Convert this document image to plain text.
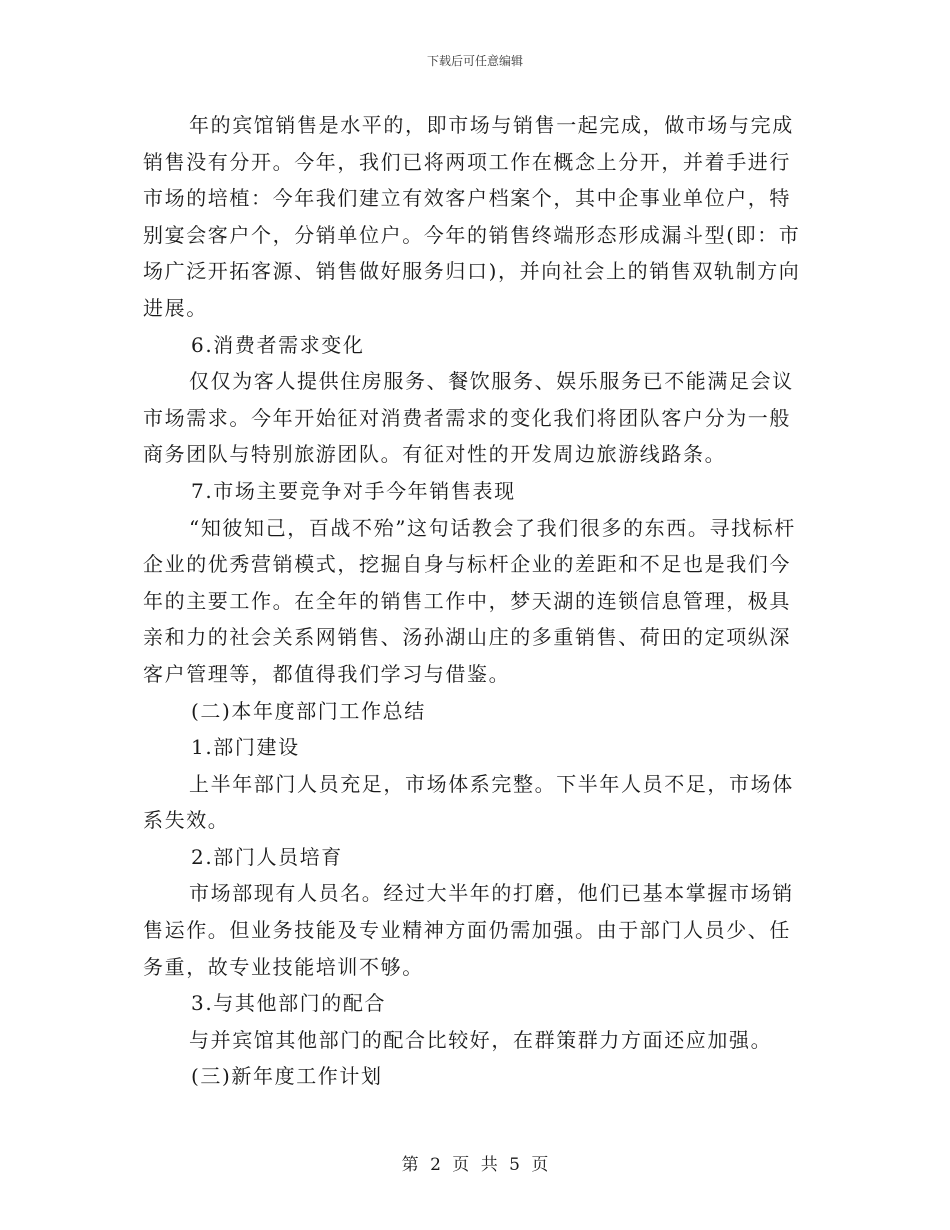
下载后可任意编辑

年的宾馆销售是水平的，即市场与销售一起完成，做市场与完成销售没有分开。今年，我们已将两项工作在概念上分开，并着手进行市场的培植：今年我们建立有效客户档案个，其中企事业单位户，特别宴会客户个，分销单位户。今年的销售终端形态形成漏斗型(即：市场广泛开拓客源、销售做好服务归口)，并向社会上的销售双轨制方向进展。

6.消费者需求变化

仅仅为客人提供住房服务、餐饮服务、娱乐服务已不能满足会议市场需求。今年开始征对消费者需求的变化我们将团队客户分为一般商务团队与特别旅游团队。有征对性的开发周边旅游线路条。

7.市场主要竞争对手今年销售表现

“知彼知己，百战不殆”这句话教会了我们很多的东西。寻找标杆企业的优秀营销模式，挖掘自身与标杆企业的差距和不足也是我们今年的主要工作。在全年的销售工作中，梦天湖的连锁信息管理，极具亲和力的社会关系网销售、汤孙湖山庄的多重销售、荷田的定项纵深客户管理等，都值得我们学习与借鉴。

(二)本年度部门工作总结

1.部门建设

上半年部门人员充足，市场体系完整。下半年人员不足，市场体系失效。

2.部门人员培育

市场部现有人员名。经过大半年的打磨，他们已基本掌握市场销售运作。但业务技能及专业精神方面仍需加强。由于部门人员少、任务重，故专业技能培训不够。

3.与其他部门的配合

与并宾馆其他部门的配合比较好，在群策群力方面还应加强。

(三)新年度工作计划

第 2 页 共 5 页
